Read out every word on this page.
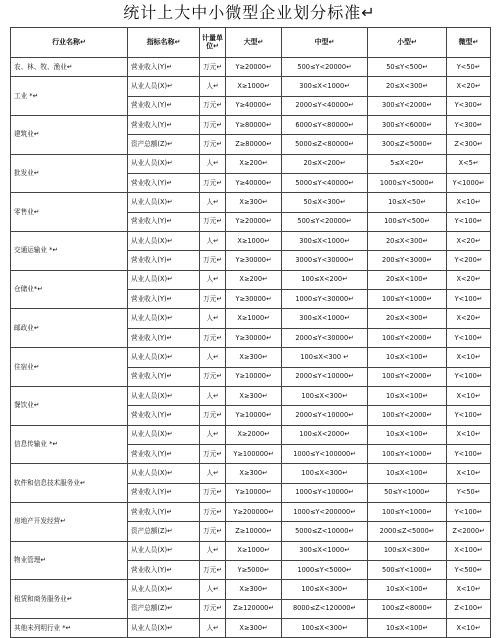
统计上大中小微型企业划分标准↵
行业名称↵	指标名称↵	计量单位↵	大型↵	中型↵	小型↵	微型↵
农、林、牧、渔业↵	营业收入(Y)↵	万元↵	Y≥20000↵	500≤Y<20000↵	50≤Y<500↵	Y<50↵
工业 *↵	从业人员(X)↵	人↵	X≥1000↵	300≤X<1000↵	20≤X<300↵	X<20↵
	营业收入(Y)↵	万元↵	Y≥40000↵	2000≤Y<40000↵	300≤Y<2000↵	Y<300↵
建筑业↵	营业收入(Y)↵	万元↵	Y≥80000↵	6000≤Y<80000↵	300≤Y<6000↵	Y<300↵
	资产总额(Z)↵	万元↵	Z≥80000↵	5000≤Z<80000↵	300≤Z<5000↵	Z<300↵
批发业↵	从业人员(X)↵	人↵	X≥200↵	20≤X<200↵	5≤X<20↵	X<5↵
	营业收入(Y)↵	万元↵	Y≥40000↵	5000≤Y<40000↵	1000≤Y<5000↵	Y<1000↵
零售业↵	从业人员(X)↵	人↵	X≥300↵	50≤X<300↵	10≤X<50↵	X<10↵
	营业收入(Y)↵	万元↵	Y≥20000↵	500≤Y<20000↵	100≤Y<500↵	Y<100↵
交通运输业 *↵	从业人员(X)↵	人↵	X≥1000↵	300≤X<1000↵	20≤X<300↵	X<20↵
	营业收入(Y)↵	万元↵	Y≥30000↵	3000≤Y<30000↵	200≤Y<3000↵	Y<200↵
仓储业*↵	从业人员(X)↵	人↵	X≥200↵	100≤X<200↵	20≤X<100↵	X<20↵
	营业收入(Y)↵	万元↵	Y≥30000↵	1000≤Y<30000↵	100≤Y<1000↵	Y<100↵
邮政业↵	从业人员(X)↵	人↵	X≥1000↵	300≤X<1000↵	20≤X<300↵	X<20↵
	营业收入(Y)↵	万元↵	Y≥30000↵	2000≤Y<30000↵	100≤Y<2000↵	Y<100↵
住宿业↵	从业人员(X)↵	人↵	X≥300↵	100≤X<300 ↵	10≤X<100↵	X<10↵
	营业收入(Y)↵	万元↵	Y≥10000↵	2000≤Y<10000↵	100≤Y<2000↵	Y<100↵
餐饮业↵	从业人员(X)↵	人↵	X≥300↵	100≤X<300↵	10≤X<100↵	X<10↵
	营业收入(Y)↵	万元↵	Y≥10000↵	2000≤Y<10000↵	100≤Y<2000↵	Y<100↵
信息传输业 *↵	从业人员(X)↵	人↵	X≥2000↵	100≤X<2000↵	10≤X<100↵	X<10↵
	营业收入(Y)↵	万元↵	Y≥100000↵	1000≤Y<100000↵	100≤Y<1000↵	Y<100↵
软件和信息技术服务业↵	从业人员(X)↵	人↵	X≥300↵	100≤X<300↵	10≤X<100↵	X<10↵
	营业收入(Y)↵	万元↵	Y≥10000↵	1000≤Y<10000↵	50≤Y<1000↵	Y<50↵
房地产开发经营↵	营业收入(Y)↵	万元↵	Y≥200000↵	1000≤Y<200000↵	100≤Y<1000↵	Y<100↵
	资产总额(Z)↵	万元↵	Z≥10000↵	5000≤Z<10000↵	2000≤Z<5000↵	Z<2000↵
物业管理↵	从业人员(X)↵	人↵	X≥1000↵	300≤X<1000↵	100≤X<300↵	X<100↵
	营业收入(Y)↵	万元↵	Y≥5000↵	1000≤Y<5000↵	500≤Y<1000↵	Y<500↵
租赁和商务服务业↵	从业人员(X)↵	人↵	X≥300↵	100≤X<300↵	10≤X<100↵	X<10↵
	资产总额(Z)↵	万元↵	Z≥120000↵	8000≤Z<120000↵	100≤Z<8000↵	Z<100↵
其他未列明行业 *↵	从业人员(X)↵	人↵	X≥300↵	100≤X<300↵	10≤X<100↵	X<10↵
